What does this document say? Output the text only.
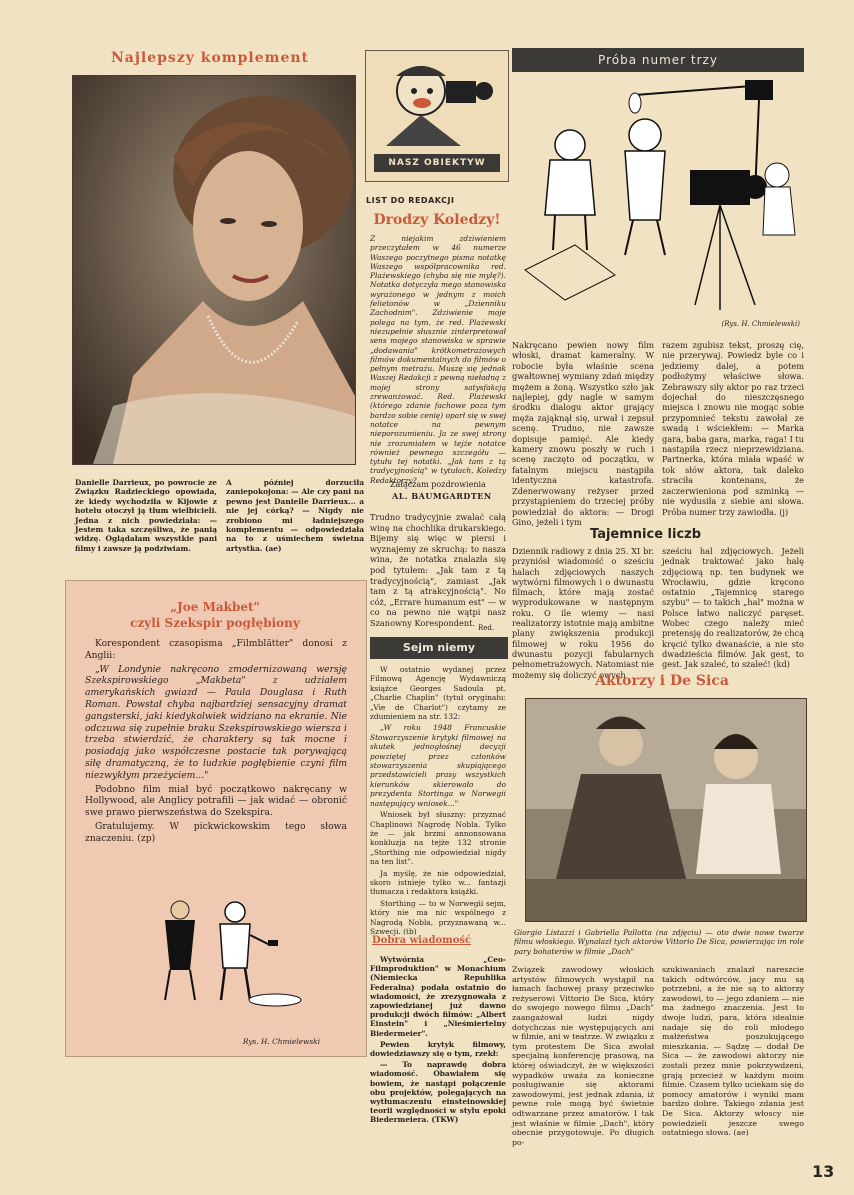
Najlepszy komplement
Danielle Darrieux, po powrocie ze Związku Radzieckiego opowiada, że kiedy wychodziła w Kijowie z hotelu otoczył ją tłum wielbicieli. Jedna z nich powiedziała: — Jestem taka szczęśliwa, że panią widzę. Oglądałam wszystkie pani filmy i zawsze ją podziwiam.
A później dorzuciła zaniepokojona: — Ale czy pani na pewno jest Danielle Darrieux... a nie jej córką? — Nigdy nie zrobiono mi ładniejszego komplementu — odpowiedziała na to z uśmiechem świetna artystka. (ae)
„Joe Makbet"
czyli Szekspir pogłębiony

Korespondent czasopisma „Filmblätter" donosi z Anglii:

„W Londynie nakręcono zmodernizowaną wersję Szekspirowskiego „Makbeta" z udziałem amerykańskich gwiazd — Paula Douglasa i Ruth Roman. Powstał chyba najbardziej sensacyjny dramat gangsterski, jaki kiedykolwiek widziano na ekranie. Nie odczuwa się zupełnie braku Szekspirowskiego wiersza i trzeba stwierdzić, że charaktery są tak mocne i posiadają jako współczesne postacie tak porywającą siłę dramatyczną, że to ludzkie pogłębienie czyni film niezwykłym przeżyciem..."

Podobno film miał być początkowo nakręcany w Hollywood, ale Anglicy potrafili — jak widać — obronić swe prawo pierwszeństwa do Szekspira.

Gratulujemy. W pickwickowskim tego słowa znaczeniu. (zp)

Rys. H. Chmielewski
NASZ OBIEKTYW
LIST DO REDAKCJI
Drodzy Koledzy!
Z niejakim zdziwieniem przeczytałem w 46 numerze Waszego poczytnego pisma notatkę Waszego współpracownika red. Plażewskiego (chyba się nie mylę?). Notatka dotyczyła mego stanowiska wyrażonego w jednym z moich felietonów w „Dzienniku Zachodnim". Zdziwienie moje polega na tym, że red. Plażewski niezupełnie słusznie zinterpretował sens mojego stanowiska w sprawie „dodawania" krótkometrażowych filmów dokumentalnych do filmów o pełnym metrażu. Muszę się jednak Waszej Redakcji z pewną nieładną z mojej strony satysfakcją zrewanżować. Red. Plażewski (którego zdanie fachowe poza tym bardzo sobie cenię) oparł się w swej notatce na pewnym nieporozumieniu. Ja ze swej strony nie zrozumiałem w tejże notatce również pewnego szczegółu — tytułu tej notatki. „Jak tam z tą tradycyjnością" w tytułach, Koledzy Redaktorzy?
Załączam pozdrowienia
AL. BAUMGARDTEN
Trudno tradycyjnie zwalać całą winę na chochlika drukarskiego. Bijemy się więc w piersi i wyznajemy ze skruchą: to nasza wina, że notatka znalazła się pod tytułem: „Jak tam z tą tradycyjnością", zamiast „Jak tam z tą atrakcyjnością". No cóż, „Errare humanum est" — w co na pewno nie wątpi nasz Szanowny Korespondent.
Red.
Sejm niemy

W ostatnio wydanej przez Filmową Agencję Wydawniczą książce Georges Sadoula pt. „Charlie Chaplin" (tytuł oryginału: „Vie de Charlot") czytamy ze zdumieniem na str. 132:

„W roku 1948 Francuskie Stowarzyszenie krytyki filmowej na skutek jednogłośnej decyzji powziętej przez członków stowarzyszenia skupiającego przedstawicieli prasy wszystkich kierunków skierowało do prezydenta Stortinga w Norwegii następujący wniosek..."

Wniosek był słuszny: przyznać Chaplinowi Nagrodę Nobla. Tylko że — jak brzmi annonsowana konkluzja na tejże 132 stronie „Storthing nie odpowiedział nigdy na ten list".

Ja myślę, że nie odpowiedział, skoro istnieje tylko w... fantazji tłumacza i redaktora książki.

Storthing — to w Norwegii sejm, który nie ma nic wspólnego z Nagrodą Nobla, przyznawaną w... Szwecji. (tb)

Dobra wiadomość

Wytwórnia „Ceo-Filmproduktion" w Monachium (Niemiecka Republika Federalna) podała ostatnio do wiadomości, że zrezygnowała z zapowiedzianej już dawno produkcji dwóch filmów: „Albert Einstein" i „Nieśmiertelny Biedermeier".

Pewien krytyk filmowy, dowiedziawszy się o tym, rzekł:

— To naprawdę dobra wiadomość. Obawiałem się bowiem, że nastąpi połączenie obu projektów, polegających na wytłumaczeniu einsteinowskiej teorii względności w stylu epoki Biedermeiera. (TKW)

Próba numer trzy
(Rys. H. Chmielewski)
Nakręcano pewien nowy film włoski, dramat kameralny. W robocie była właśnie scena gwałtownej wymiany zdań między mężem a żoną. Wszystko szło jak najlepiej, gdy nagle w samym środku dialogu aktor grający męża zająknął się, urwał i zepsuł scenę. Trudno, nie zawsze dopisuje pamięć. Ale kiedy kamery znowu poszły w ruch i scenę zaczęto od początku, w fatalnym miejscu nastąpiła identyczna katastrofa. Zdenerwowany reżyser przed przystąpieniem do trzeciej próby powiedział do aktora: — Drogi Gino, jeżeli i tym
razem zgubisz tekst, proszę cię, nie przerywaj. Powiedz byle co i jedziemy dalej, a potem podłożymy właściwe słowa. Zebrawszy siły aktor po raz trzeci dojechał do nieszczęsnego miejsca i znowu nie mogąc sobie przypomnieć tekstu zawołał ze swadą i wściekłem: — Marka gara, baba gara, marka, raga! I tu nastąpiła rzecz nieprzewidziana. Partnerka, która miała wpaść w tok słów aktora, tak daleko straciła kontenans, że zaczerwieniona pod szminką — nie wydusiła z siebie ani słowa. Próba numer trzy zawiodła. (j)
Tajemnice liczb
Dziennik radiowy z dnia 25. XI br. przyniósł wiadomość o sześciu halach zdjęciowych naszych wytwórni filmowych i o dwunastu filmach, które mają zostać wyprodukowane w następnym roku. O ile wiemy — nasi realizatorzy istotnie mają ambitne plany zwiększenia produkcji filmowej w roku 1956 do dwunastu pozycji fabularnych pełnometrażowych. Natomiast nie możemy się doliczyć owych
sześciu hal zdjęciowych. Jeżeli jednak traktować jako halę zdjęciową np. ten budynek we Wrocławiu, gdzie kręcono ostatnio „Tajemnicę starego szybu" — to takich „hal" można w Polsce łatwo naliczyć paręset. Wobec czego należy mieć pretensję do realizatorów, że chcą kręcić tylko dwanaście, a nie sto dwadzieścia filmów. Jak gest, to gest. Jak szaleć, to szaleć! (kd)
Aktorzy i De Sica
Giorgio Listazzi i Gabriella Pallotta (na zdjęciu) — oto dwie nowe twarze filmu włoskiego. Wynalazł tych aktorów Vittorio De Sica, powierzając im role pary bohaterów w filmie „Dach"
Związek zawodowy włoskich artystów filmowych wystąpił na łamach fachowej prasy przeciwko reżyserowi Vittorio De Sica, który do swojego nowego filmu „Dach" zaangażował ludzi nigdy dotychczas nie występujących ani w filmie, ani w teatrze. W związku z tym protestem De Sica zwołał specjalną konferencję prasową, na której oświadczył, że w większości wypadków uważa za konieczne posługiwanie się aktorami zawodowymi, jest jednak zdania, iż pewne role mogą być świetnie odtwarzane przez amatorów. I tak jest właśnie w filmie „Dach", który obecnie przygotowuje. Po długich po-
szukiwaniach znalazł nareszcie takich odtwórców, jacy mu są potrzebni, a że nie są to aktorzy zawodowi, to — jego zdaniem — nie ma żadnego znaczenia. Jest to dwoje ludzi, para, która idealnie nadaje się do roli młodego małżeństwa poszukującego mieszkania. — Sądzę — dodał De Sica — że zawodowi aktorzy nie zostali przez mnie pokrzywdzeni, grają przecież w każdym moim filmie. Czasem tylko uciekam się do pomocy amatorów i wyniki mam bardzo dobre. Takiego zdania jest De Sica. Aktorzy włoscy nie powiedzieli jeszcze swego ostatniego słowa. (ae)
13
